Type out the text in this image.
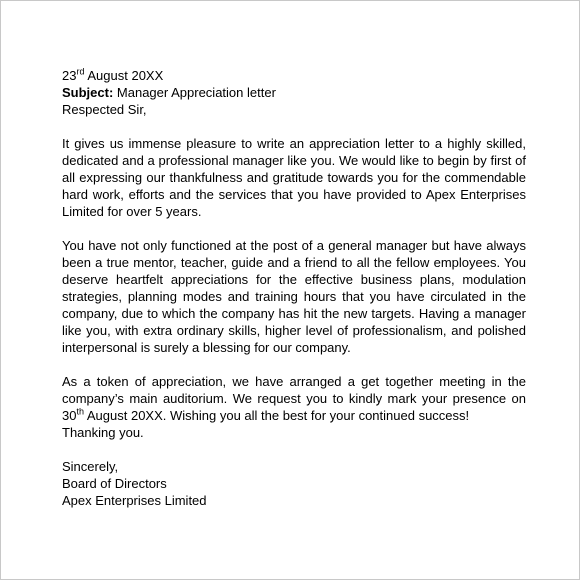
23rd August 20XX

Subject: Manager Appreciation letter

Respected Sir,

It gives us immense pleasure to write an appreciation letter to a highly skilled, dedicated and a professional manager like you. We would like to begin by first of all expressing our thankfulness and gratitude towards you for the commendable hard work, efforts and the services that you have provided to Apex Enterprises Limited for over 5 years.

You have not only functioned at the post of a general manager but have always been a true mentor, teacher, guide and a friend to all the fellow employees. You deserve heartfelt appreciations for the effective business plans, modulation strategies, planning modes and training hours that you have circulated in the company, due to which the company has hit the new targets. Having a manager like you, with extra ordinary skills, higher level of professionalism, and polished interpersonal is surely a blessing for our company.

As a token of appreciation, we have arranged a get together meeting in the company’s main auditorium. We request you to kindly mark your presence on 30th August 20XX. Wishing you all the best for your continued success!

Thanking you.

Sincerely,

Board of Directors

Apex Enterprises Limited
